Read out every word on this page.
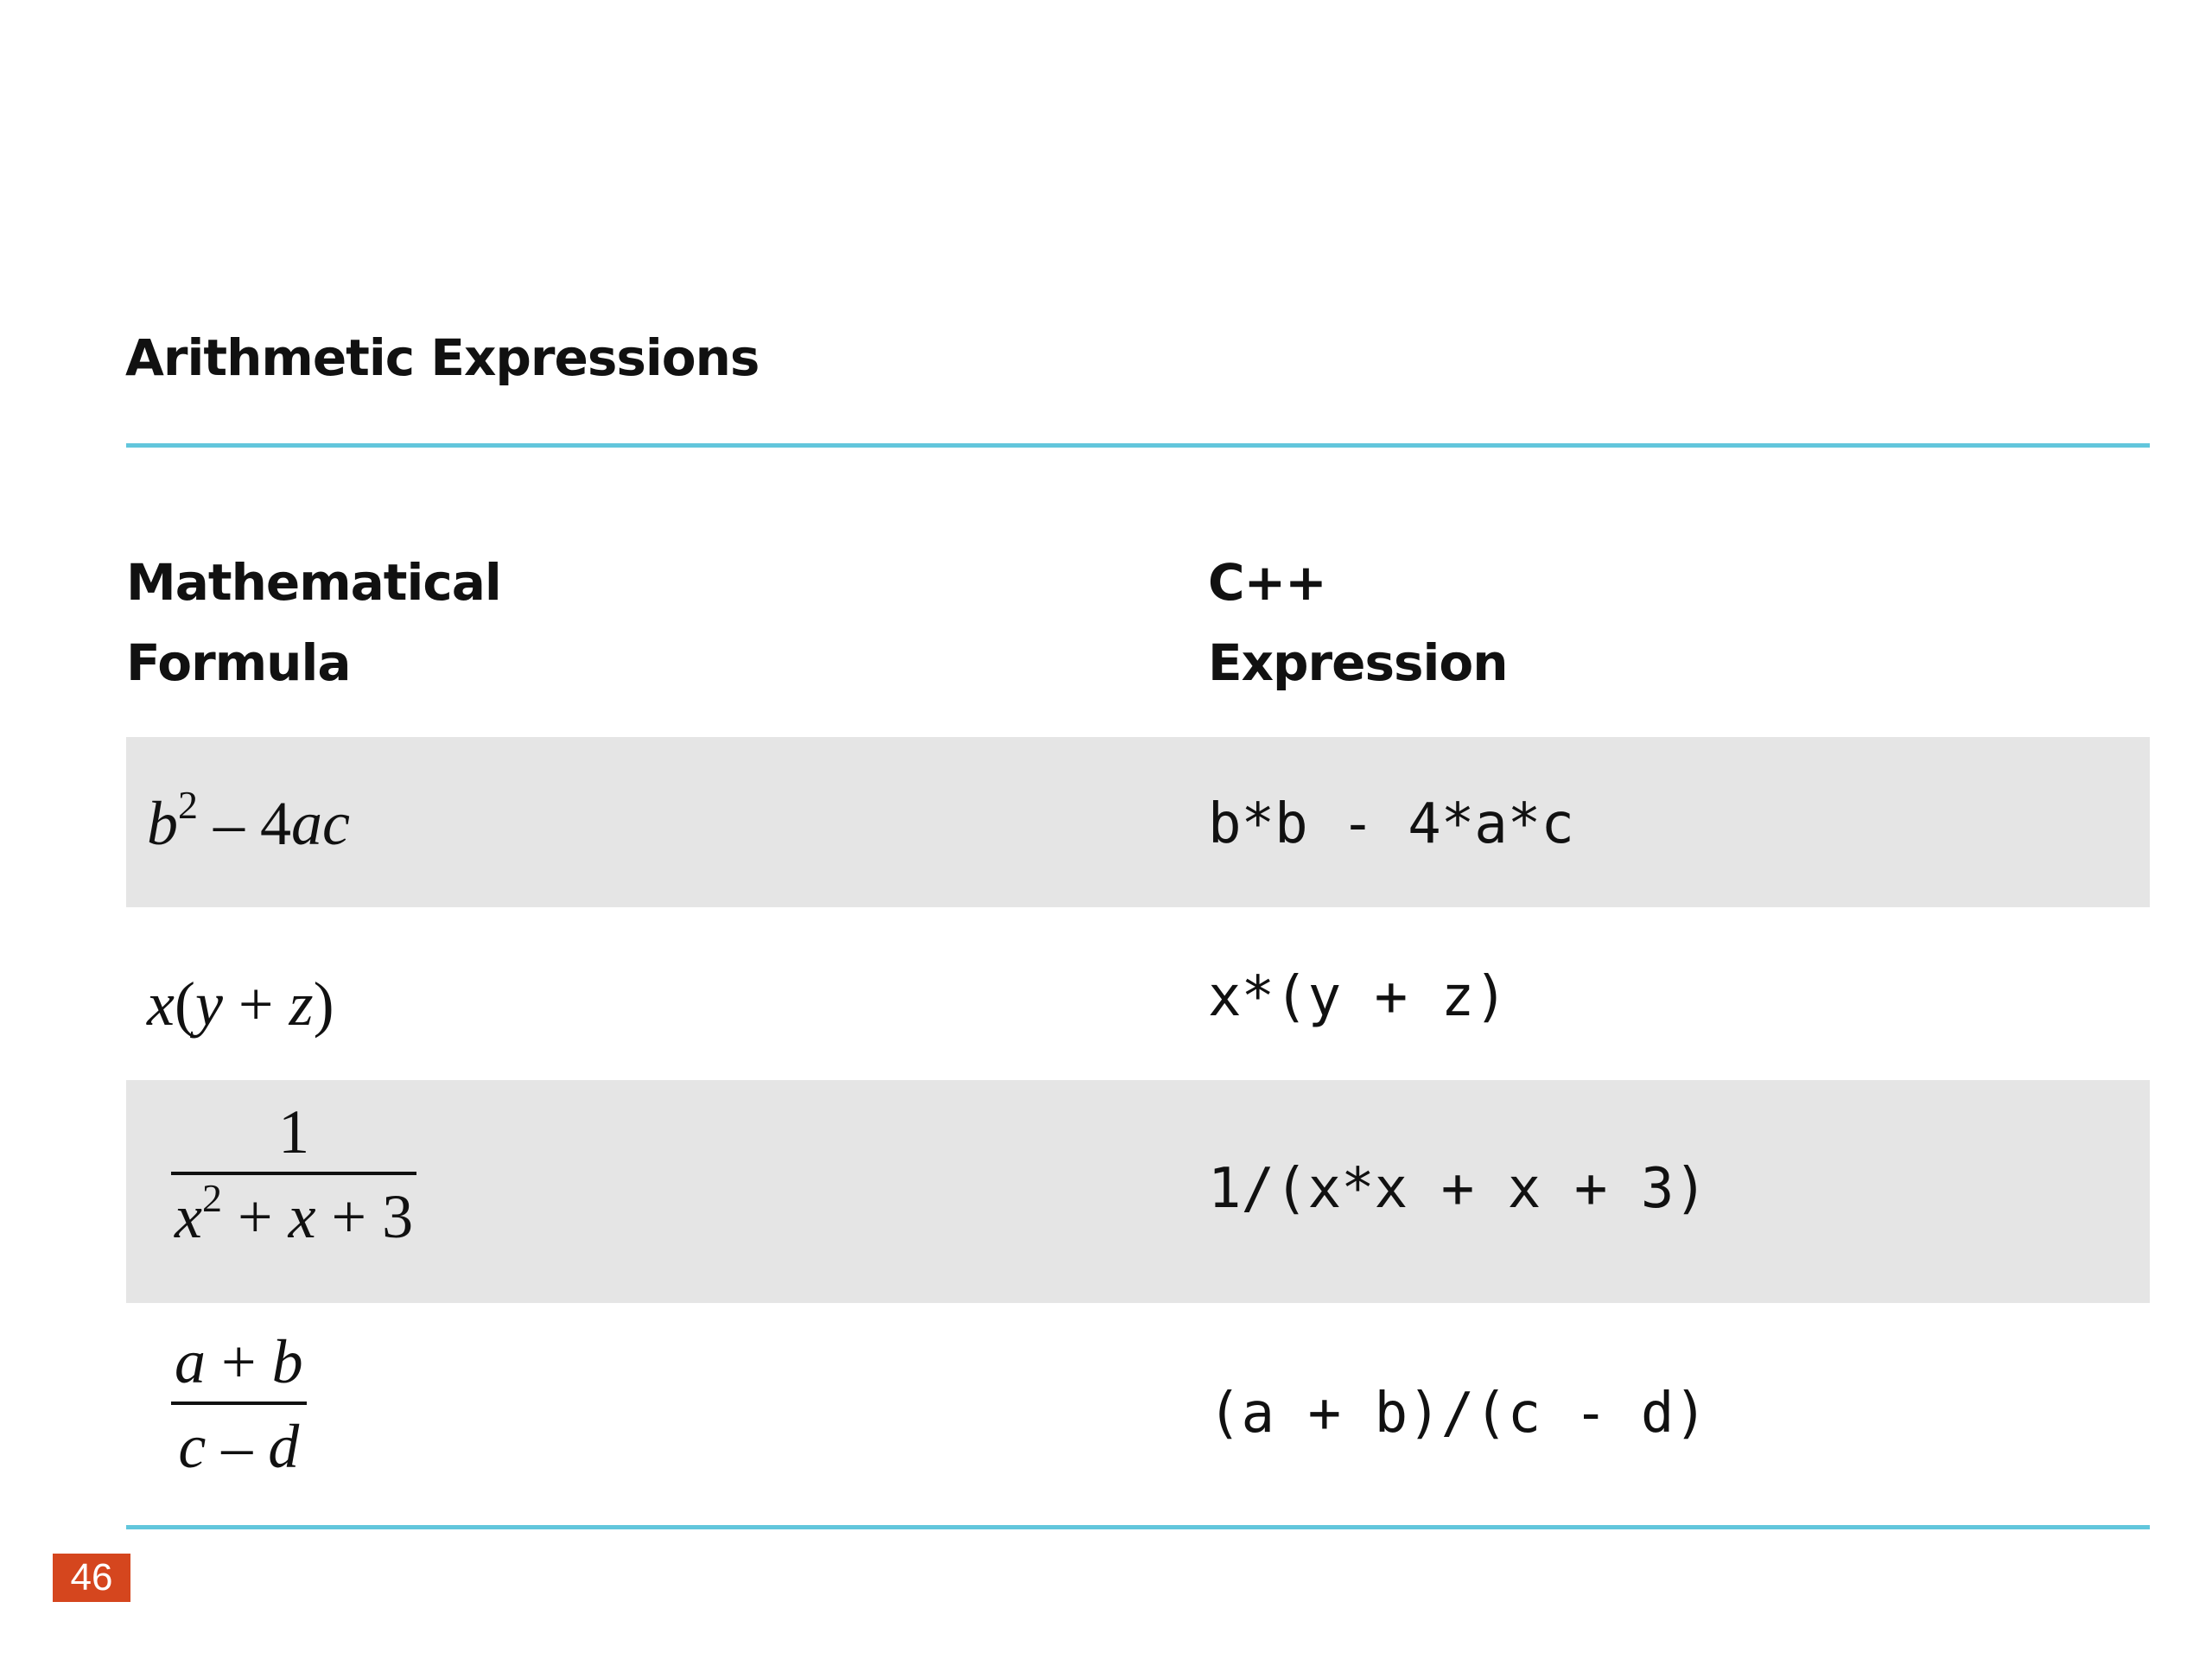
Arithmetic Expressions
Mathematical
Formula
C++
Expression
$b^2 - 4ac$	b*b - 4*a*c
x(y + z)	x*(y + z)
1
$x^2 + x + 3$	1/(x*x + x + 3)
a + b
c – d	(a + b)/(c - d)
46
